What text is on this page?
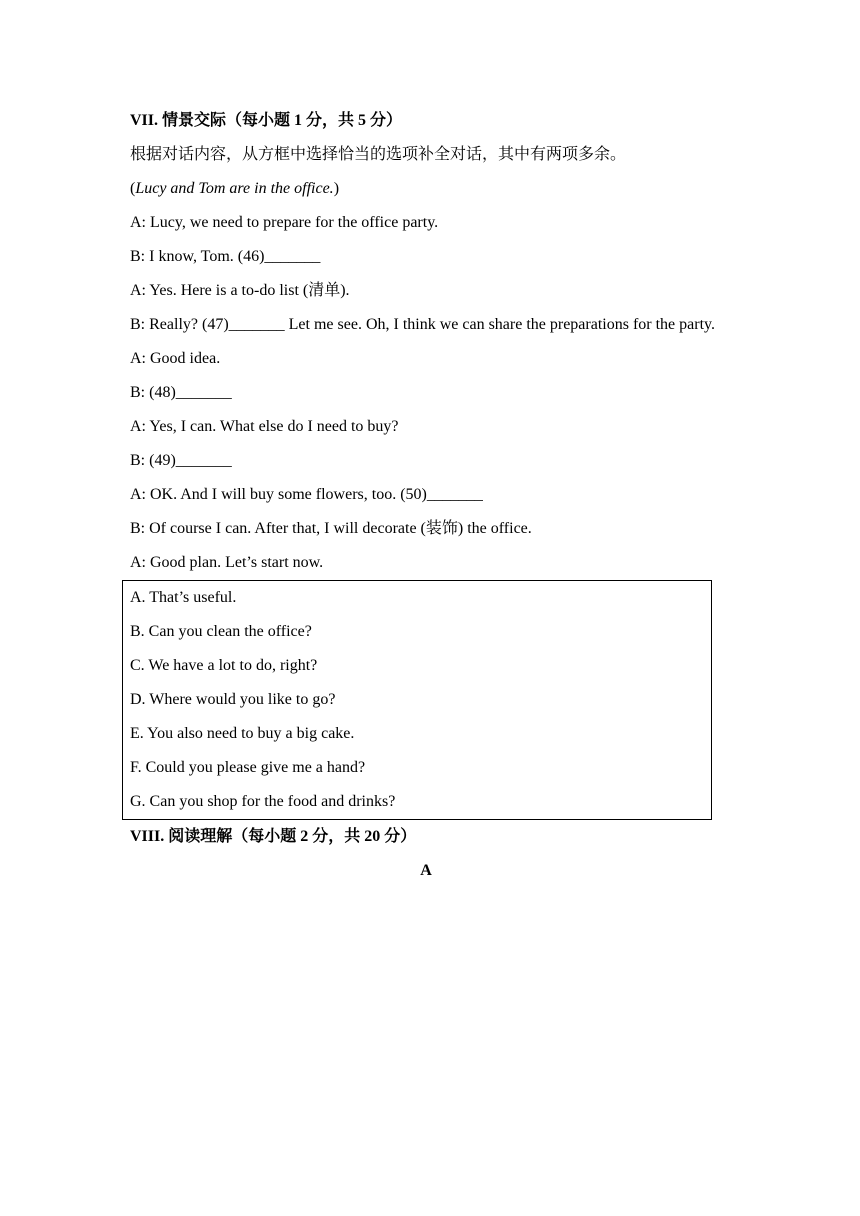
VII. 情景交际（每小题 1 分，共 5 分）
根据对话内容，从方框中选择恰当的选项补全对话，其中有两项多余。
(Lucy and Tom are in the office.)
A: Lucy, we need to prepare for the office party.
B: I know, Tom. (46)_______
A: Yes. Here is a to-do list (清单).
B: Really? (47)_______ Let me see. Oh, I think we can share the preparations for the party.
A: Good idea.
B: (48)_______
A: Yes, I can. What else do I need to buy?
B: (49)_______
A: OK. And I will buy some flowers, too. (50)_______
B: Of course I can. After that, I will decorate (装饰) the office.
A: Good plan. Let’s start now.
A. That’s useful.
B. Can you clean the office?
C. We have a lot to do, right?
D. Where would you like to go?
E. You also need to buy a big cake.
F. Could you please give me a hand?
G. Can you shop for the food and drinks?
VIII. 阅读理解（每小题 2 分，共 20 分）
A
